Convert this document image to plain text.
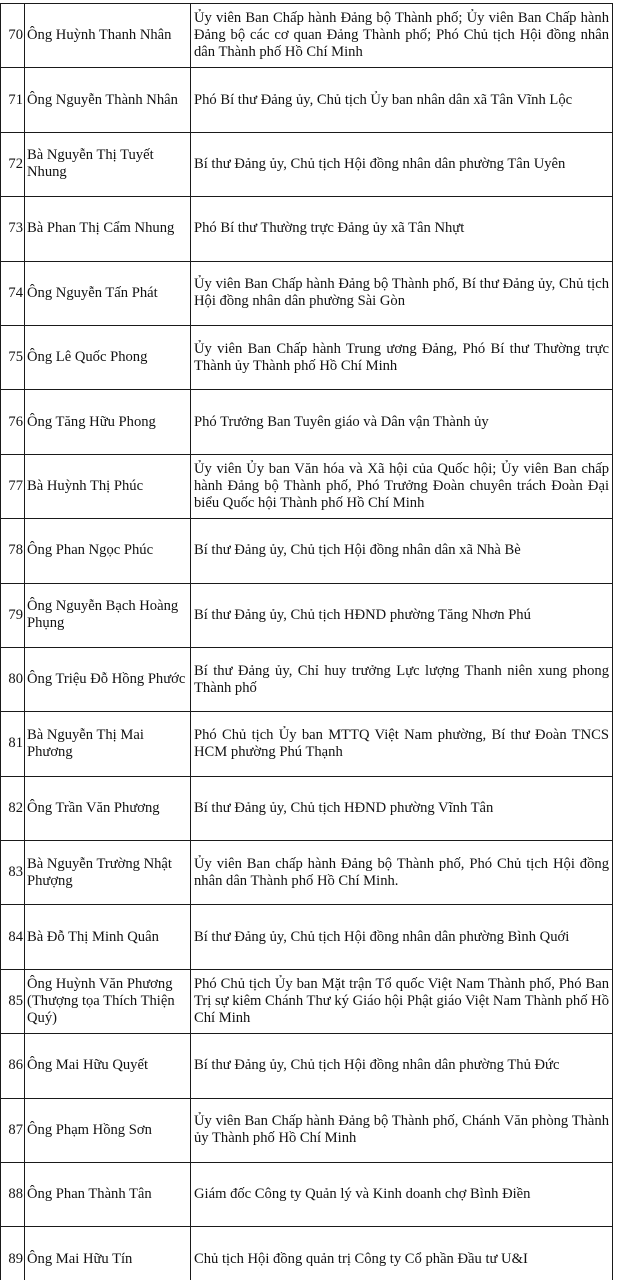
70	Ông Huỳnh Thanh Nhân	Ủy viên Ban Chấp hành Đảng bộ Thành phố; Ủy viên Ban Chấp hành Đảng bộ các cơ quan Đảng Thành phố; Phó Chủ tịch Hội đồng nhân dân Thành phố Hồ Chí Minh
71	Ông Nguyễn Thành Nhân	Phó Bí thư Đảng ủy, Chủ tịch Ủy ban nhân dân xã Tân Vĩnh Lộc
72	Bà Nguyễn Thị Tuyết Nhung	Bí thư Đảng ủy, Chủ tịch Hội đồng nhân dân phường Tân Uyên
73	Bà Phan Thị Cẩm Nhung	Phó Bí thư Thường trực Đảng ủy xã Tân Nhựt
74	Ông Nguyễn Tấn Phát	Ủy viên Ban Chấp hành Đảng bộ Thành phố, Bí thư Đảng ủy, Chủ tịch Hội đồng nhân dân phường Sài Gòn
75	Ông Lê Quốc Phong	Ủy viên Ban Chấp hành Trung ương Đảng, Phó Bí thư Thường trực Thành ủy Thành phố Hồ Chí Minh
76	Ông Tăng Hữu Phong	Phó Trưởng Ban Tuyên giáo và Dân vận Thành ủy
77	Bà Huỳnh Thị Phúc	Ủy viên Ủy ban Văn hóa và Xã hội của Quốc hội; Ủy viên Ban chấp hành Đảng bộ Thành phố, Phó Trưởng Đoàn chuyên trách Đoàn Đại biểu Quốc hội Thành phố Hồ Chí Minh
78	Ông Phan Ngọc Phúc	Bí thư Đảng ủy, Chủ tịch Hội đồng nhân dân xã Nhà Bè
79	Ông Nguyễn Bạch Hoàng Phụng	Bí thư Đảng ủy, Chủ tịch HĐND phường Tăng Nhơn Phú
80	Ông Triệu Đỗ Hồng Phước	Bí thư Đảng ủy, Chỉ huy trưởng Lực lượng Thanh niên xung phong Thành phố
81	Bà Nguyễn Thị Mai Phương	Phó Chủ tịch Ủy ban MTTQ Việt Nam phường, Bí thư Đoàn TNCS HCM phường Phú Thạnh
82	Ông Trần Văn Phương	Bí thư Đảng ủy, Chủ tịch HĐND phường Vĩnh Tân
83	Bà Nguyễn Trường Nhật Phượng	Ủy viên Ban chấp hành Đảng bộ Thành phố, Phó Chủ tịch Hội đồng nhân dân Thành phố Hồ Chí Minh.
84	Bà Đỗ Thị Minh Quân	Bí thư Đảng ủy, Chủ tịch Hội đồng nhân dân phường Bình Quới
85	Ông Huỳnh Văn Phương (Thượng tọa Thích Thiện Quý)	Phó Chủ tịch Ủy ban Mặt trận Tổ quốc Việt Nam Thành phố, Phó Ban Trị sự kiêm Chánh Thư ký Giáo hội Phật giáo Việt Nam Thành phố Hồ Chí Minh
86	Ông Mai Hữu Quyết	Bí thư Đảng ủy, Chủ tịch Hội đồng nhân dân phường Thủ Đức
87	Ông Phạm Hồng Sơn	Ủy viên Ban Chấp hành Đảng bộ Thành phố, Chánh Văn phòng Thành ủy Thành phố Hồ Chí Minh
88	Ông Phan Thành Tân	Giám đốc Công ty Quản lý và Kinh doanh chợ Bình Điền
89	Ông Mai Hữu Tín	Chủ tịch Hội đồng quản trị Công ty Cổ phần Đầu tư U&I
